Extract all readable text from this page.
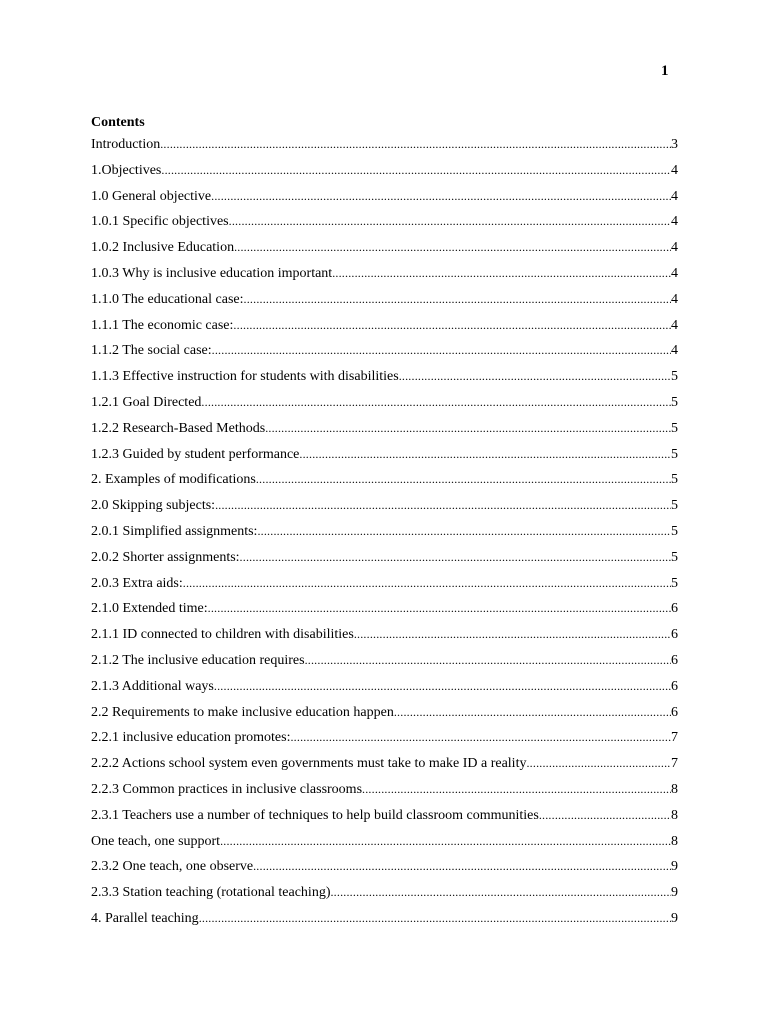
1
Contents
Introduction .....	3
1.Objectives .....	4
1.0 General objective .....	4
1.0.1 Specific objectives .....	4
1.0.2 Inclusive Education .....	4
1.0.3 Why is inclusive education important .....	4
1.1.0 The educational case: .....	4
1.1.1 The economic case: .....	4
1.1.2 The social case: .....	4
1.1.3 Effective instruction for students with disabilities .....	5
1.2.1 Goal Directed .....	5
1.2.2 Research-Based Methods .....	5
1.2.3 Guided by student performance .....	5
2. Examples of modifications .....	5
2.0 Skipping subjects: .....	5
2.0.1 Simplified assignments: .....	5
2.0.2 Shorter assignments: .....	5
2.0.3 Extra aids: .....	5
2.1.0 Extended time: .....	6
2.1.1 ID connected to children with disabilities .....	6
2.1.2 The inclusive education requires .....	6
2.1.3 Additional ways .....	6
2.2 Requirements to make inclusive education happen .....	6
2.2.1 inclusive education promotes: .....	7
2.2.2 Actions school system even governments must take to make ID a reality .....	7
2.2.3 Common practices in inclusive classrooms .....	8
2.3.1 Teachers use a number of techniques to help build classroom communities .....	8
One teach, one support .....	8
2.3.2 One teach, one observe .....	9
2.3.3 Station teaching (rotational teaching) .....	9
4. Parallel teaching .....	9
